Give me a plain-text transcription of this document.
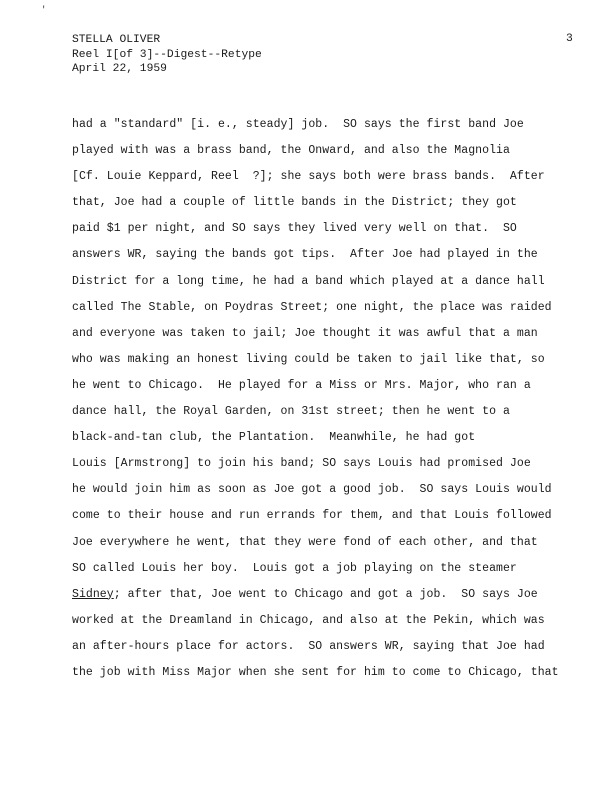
'
STELLA OLIVER
Reel I[of 3]--Digest--Retype
April 22, 1959
3
had a "standard" [i. e., steady] job.  SO says the first band Joe
played with was a brass band, the Onward, and also the Magnolia
[Cf. Louie Keppard, Reel  ?]; she says both were brass bands.  After
that, Joe had a couple of little bands in the District; they got
paid $1 per night, and SO says they lived very well on that.  SO
answers WR, saying the bands got tips.  After Joe had played in the
District for a long time, he had a band which played at a dance hall
called The Stable, on Poydras Street; one night, the place was raided
and everyone was taken to jail; Joe thought it was awful that a man
who was making an honest living could be taken to jail like that, so
he went to Chicago.  He played for a Miss or Mrs. Major, who ran a
dance hall, the Royal Garden, on 31st street; then he went to a
black-and-tan club, the Plantation.  Meanwhile, he had got
Louis [Armstrong] to join his band; SO says Louis had promised Joe
he would join him as soon as Joe got a good job.  SO says Louis would
come to their house and run errands for them, and that Louis followed
Joe everywhere he went, that they were fond of each other, and that
SO called Louis her boy.  Louis got a job playing on the steamer
Sidney; after that, Joe went to Chicago and got a job.  SO says Joe
worked at the Dreamland in Chicago, and also at the Pekin, which was
an after-hours place for actors.  SO answers WR, saying that Joe had
the job with Miss Major when she sent for him to come to Chicago, that
